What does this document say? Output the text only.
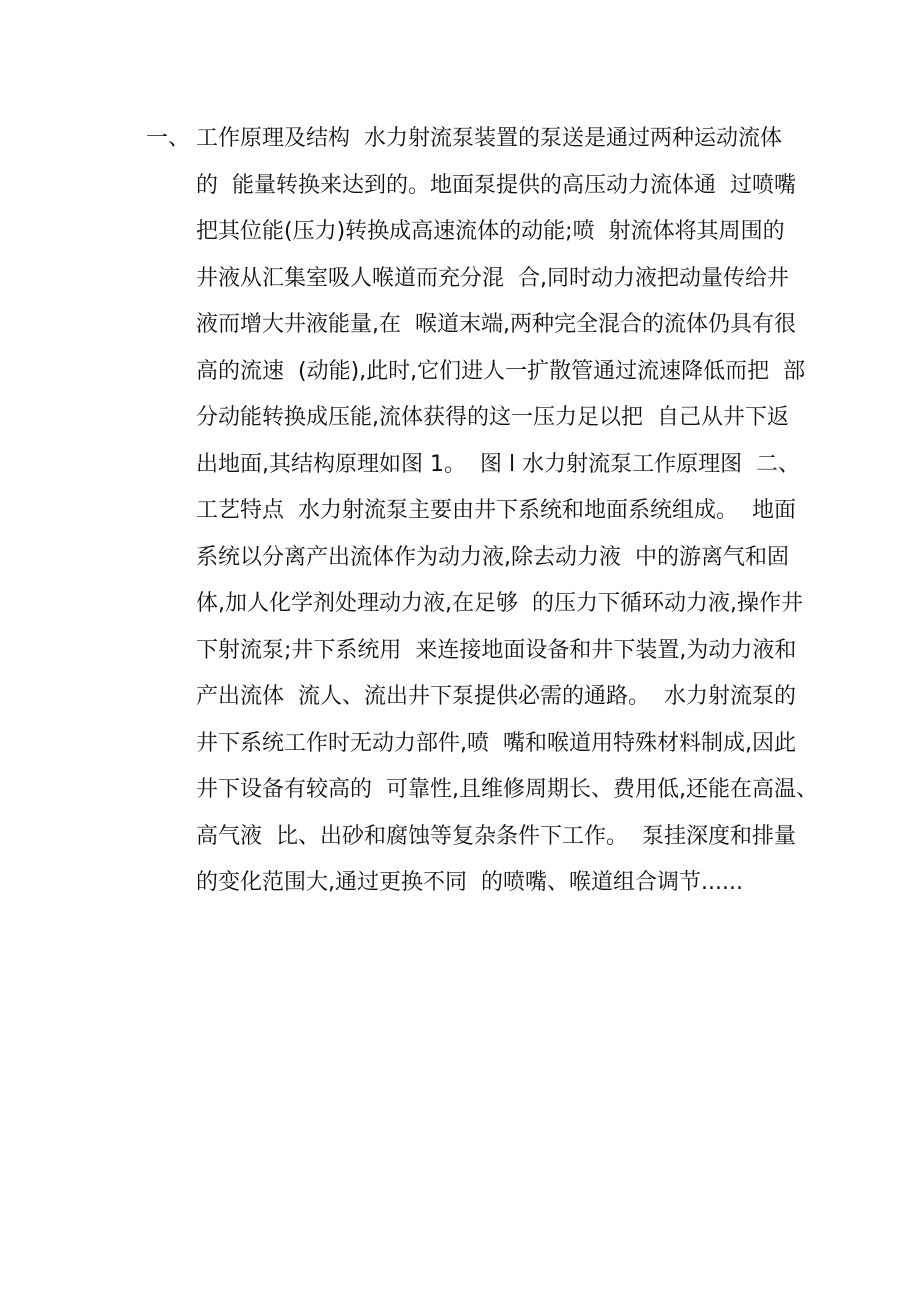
一、 工作原理及结构  水力射流泵装置的泵送是通过两种运动流体
的  能量转换来达到的。地面泵提供的高压动力流体通  过喷嘴
把其位能(压力)转换成高速流体的动能;喷  射流体将其周围的
井液从汇集室吸人喉道而充分混  合,同时动力液把动量传给井
液而增大井液能量,在  喉道末端,两种完全混合的流体仍具有很
高的流速  (动能),此时,它们进人一扩散管通过流速降低而把  部
分动能转换成压能,流体获得的这一压力足以把  自己从井下返
出地面,其结构原理如图 1。  图 l 水力射流泵工作原理图  二、
工艺特点  水力射流泵主要由井下系统和地面系统组成。  地面
系统以分离产出流体作为动力液,除去动力液  中的游离气和固
体,加人化学剂处理动力液,在足够  的压力下循环动力液,操作井
下射流泵;井下系统用  来连接地面设备和井下装置,为动力液和
产出流体  流人、流出井下泵提供必需的通路。  水力射流泵的
井下系统工作时无动力部件,喷  嘴和喉道用特殊材料制成,因此
井下设备有较高的  可靠性,且维修周期长、费用低,还能在高温、
高气液  比、出砂和腐蚀等复杂条件下工作。  泵挂深度和排量
的变化范围大,通过更换不同  的喷嘴、喉道组合调节......
